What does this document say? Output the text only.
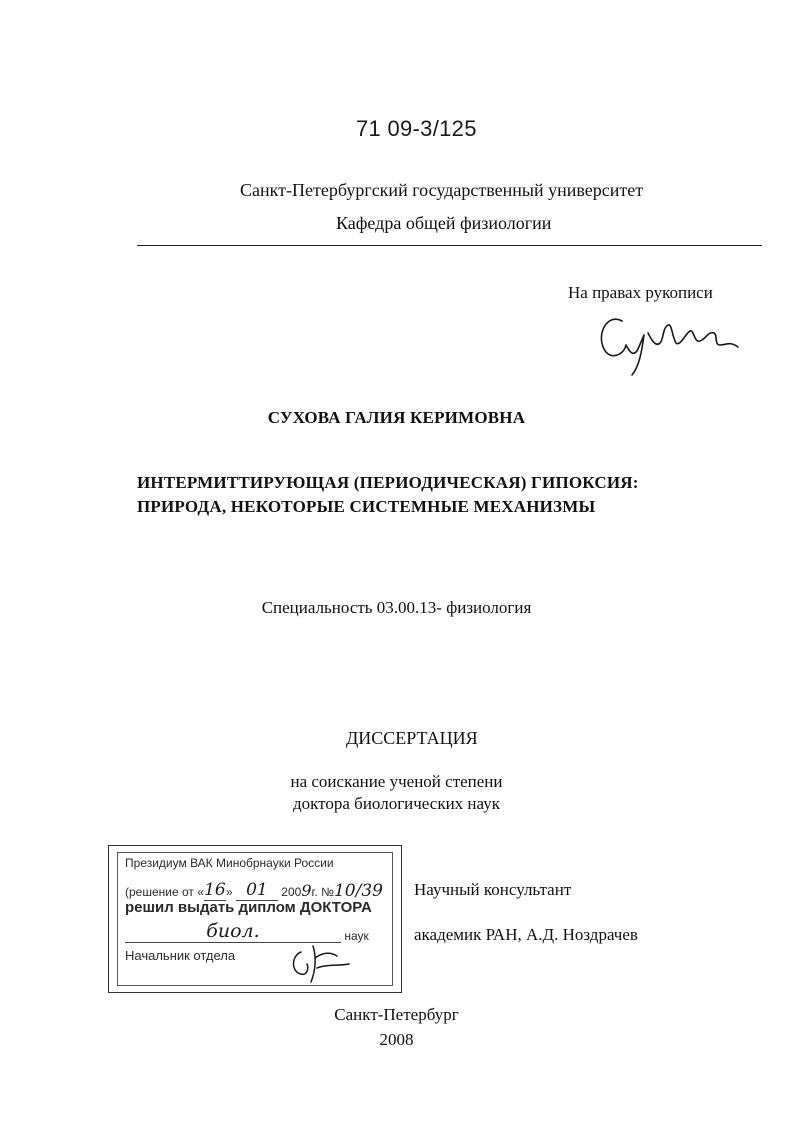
71 09-3/125
Санкт-Петербургский государственный университет
Кафедра общей физиологии
На правах рукописи
СУХОВА ГАЛИЯ КЕРИМОВНА
ИНТЕРМИТТИРУЮЩАЯ (ПЕРИОДИЧЕСКАЯ) ГИПОКСИЯ:
ПРИРОДА, НЕКОТОРЫЕ СИСТЕМНЫЕ МЕХАНИЗМЫ
Специальность 03.00.13- физиология
ДИССЕРТАЦИЯ
на соискание ученой степени
доктора биологических наук
Президиум ВАК Минобрнауки России
(решение от «16» 01 2009г. №10/39
решил выдать диплом ДОКТОРА
биол.	наук
Начальник отдела
Научный консультант
академик РАН, А.Д. Ноздрачев
Санкт-Петербург
2008
